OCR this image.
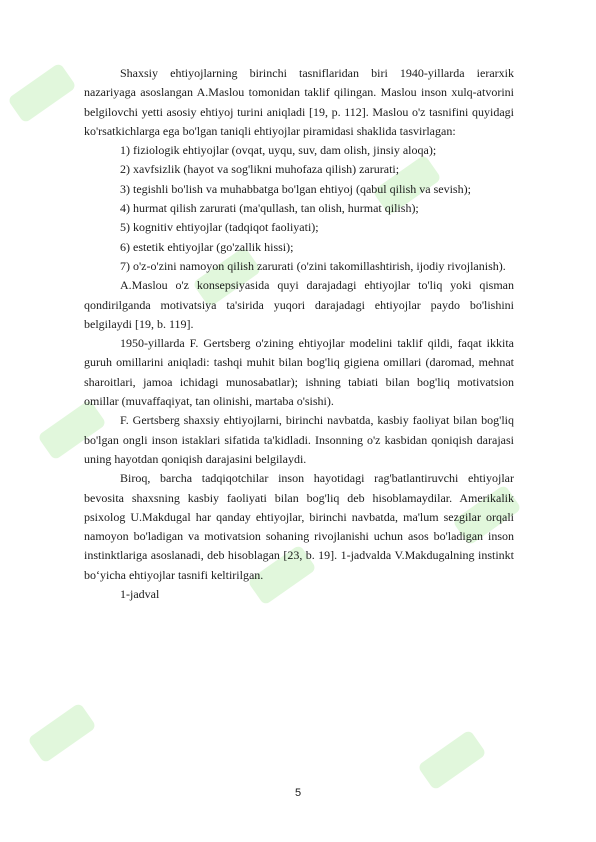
Shaxsiy ehtiyojlarning birinchi tasniflaridan biri 1940-yillarda ierarxik nazariyaga asoslangan A.Maslou tomonidan taklif qilingan. Maslou inson xulq-atvorini belgilovchi yetti asosiy ehtiyoj turini aniqladi [19, p. 112]. Maslou o'z tasnifini quyidagi ko'rsatkichlarga ega bo'lgan taniqli ehtiyojlar piramidasi shaklida tasvirlagan:

1) fiziologik ehtiyojlar (ovqat, uyqu, suv, dam olish, jinsiy aloqa);

2) xavfsizlik (hayot va sog'likni muhofaza qilish) zarurati;

3) tegishli bo'lish va muhabbatga bo'lgan ehtiyoj (qabul qilish va sevish);

4) hurmat qilish zarurati (ma'qullash, tan olish, hurmat qilish);

5) kognitiv ehtiyojlar (tadqiqot faoliyati);

6) estetik ehtiyojlar (go'zallik hissi);

7) o'z-o'zini namoyon qilish zarurati (o'zini takomillashtirish, ijodiy rivojlanish).

A.Maslou o'z konsepsiyasida quyi darajadagi ehtiyojlar to'liq yoki qisman qondirilganda motivatsiya ta'sirida yuqori darajadagi ehtiyojlar paydo bo'lishini belgilaydi [19, b. 119].

1950-yillarda F. Gertsberg o'zining ehtiyojlar modelini taklif qildi, faqat ikkita guruh omillarini aniqladi: tashqi muhit bilan bog'liq gigiena omillari (daromad, mehnat sharoitlari, jamoa ichidagi munosabatlar); ishning tabiati bilan bog'liq motivatsion omillar (muvaffaqiyat, tan olinishi, martaba o'sishi).

F. Gertsberg shaxsiy ehtiyojlarni, birinchi navbatda, kasbiy faoliyat bilan bog'liq bo'lgan ongli inson istaklari sifatida ta'kidladi. Insonning o'z kasbidan qoniqish darajasi uning hayotdan qoniqish darajasini belgilaydi.

Biroq, barcha tadqiqotchilar inson hayotidagi rag'batlantiruvchi ehtiyojlar bevosita shaxsning kasbiy faoliyati bilan bog'liq deb hisoblamaydilar. Amerikalik psixolog U.Makdugal har qanday ehtiyojlar, birinchi navbatda, ma'lum sezgilar orqali namoyon bo'ladigan va motivatsion sohaning rivojlanishi uchun asos bo'ladigan inson instinktlariga asoslanadi, deb hisoblagan [23, b. 19]. 1-jadvalda V.Makdugalning instinkt bo‘yicha ehtiyojlar tasnifi keltirilgan.

1-jadval

5
